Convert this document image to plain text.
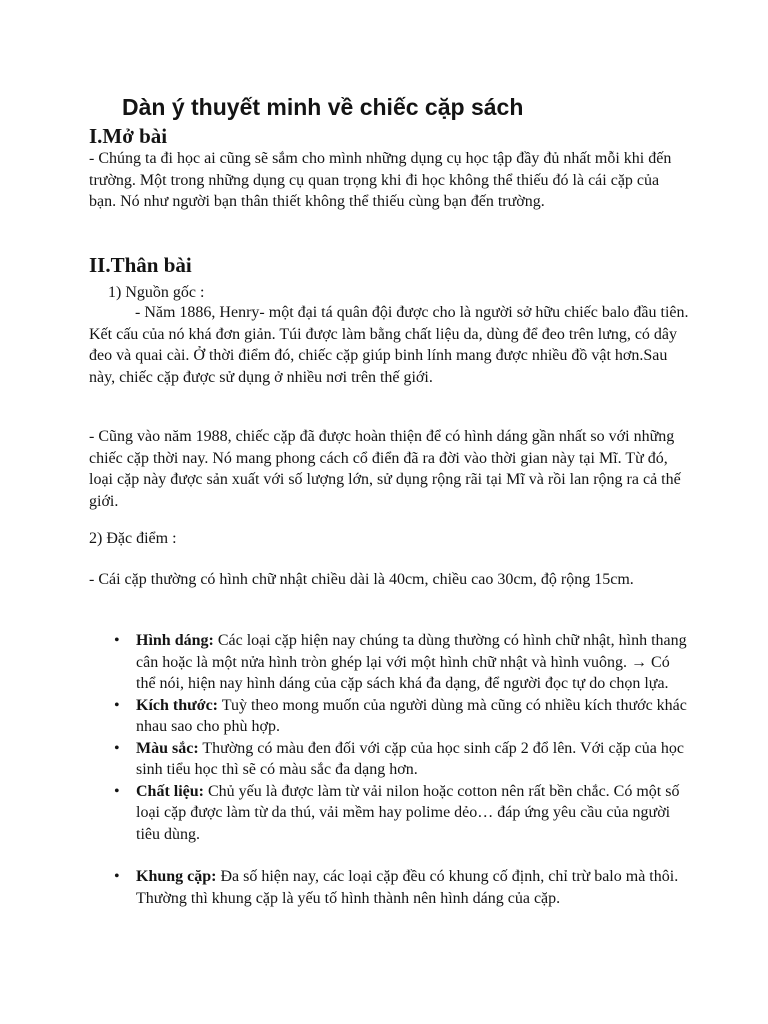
Dàn ý thuyết minh về chiếc cặp sách
I.Mở bài

- Chúng ta đi học ai cũng sẽ sắm cho mình những dụng cụ học tập đầy đủ nhất mỗi khi đến trường. Một trong những dụng cụ quan trọng khi đi học không thể thiếu đó là cái cặp của bạn. Nó như người bạn thân thiết không thể thiếu cùng bạn đến trường.

II.Thân bài

1) Nguồn gốc :

- Năm 1886, Henry- một đại tá quân đội được cho là người sở hữu chiếc balo đầu tiên. Kết cấu của nó khá đơn giản. Túi được làm bằng chất liệu da, dùng để đeo trên lưng, có dây đeo và quai cài. Ở thời điểm đó, chiếc cặp giúp binh lính mang được nhiều đồ vật hơn.Sau này, chiếc cặp được sử dụng ở nhiều nơi trên thế giới.

- Cũng vào năm 1988, chiếc cặp đã được hoàn thiện để có hình dáng gần nhất so với những chiếc cặp thời nay. Nó mang phong cách cổ điển đã ra đời vào thời gian này tại Mĩ. Từ đó, loại cặp này được sản xuất với số lượng lớn, sử dụng rộng rãi tại Mĩ và rồi lan rộng ra cả thế giới.

2) Đặc điểm :

- Cái cặp thường có hình chữ nhật chiều dài là 40cm, chiều cao 30cm, độ rộng 15cm.

• Hình dáng: Các loại cặp hiện nay chúng ta dùng thường có hình chữ nhật, hình thang cân hoặc là một nửa hình tròn ghép lại với một hình chữ nhật và hình vuông. → Có thể nói, hiện nay hình dáng của cặp sách khá đa dạng, để người đọc tự do chọn lựa.
• Kích thước: Tuỳ theo mong muốn của người dùng mà cũng có nhiều kích thước khác nhau sao cho phù hợp.
• Màu sắc: Thường có màu đen đối với cặp của học sinh cấp 2 đổ lên. Với cặp của học sinh tiểu học thì sẽ có màu sắc đa dạng hơn.
• Chất liệu: Chủ yếu là được làm từ vải nilon hoặc cotton nên rất bền chắc. Có một số loại cặp được làm từ da thú, vải mềm hay polime dẻo… đáp ứng yêu cầu của người tiêu dùng.
• Khung cặp: Đa số hiện nay, các loại cặp đều có khung cố định, chỉ trừ balo mà thôi. Thường thì khung cặp là yếu tố hình thành nên hình dáng của cặp.
